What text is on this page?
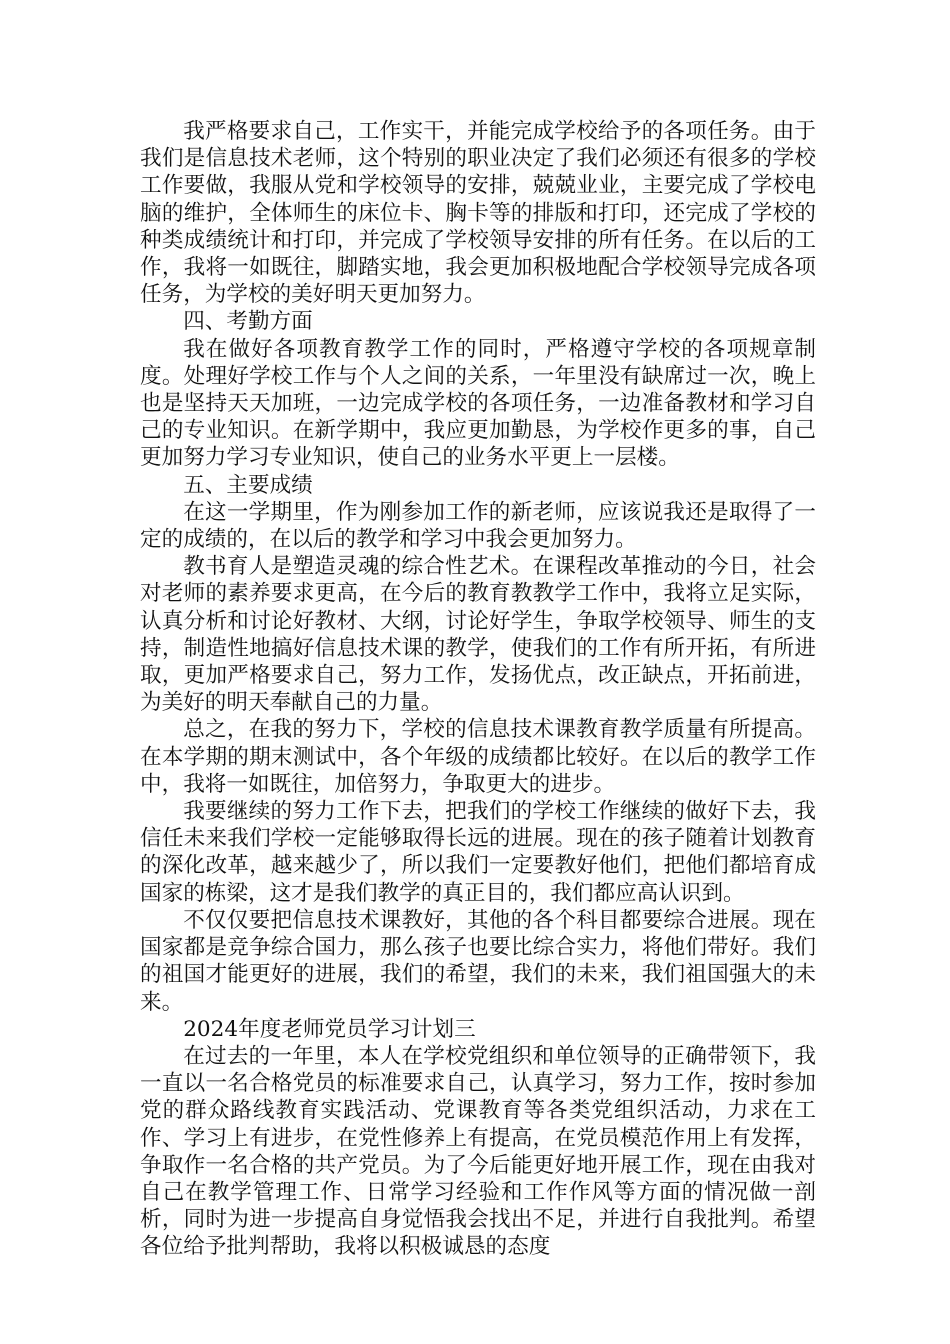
我严格要求自己，工作实干，并能完成学校给予的各项任务。由于我们是信息技术老师，这个特别的职业决定了我们必须还有很多的学校工作要做，我服从党和学校领导的安排，兢兢业业，主要完成了学校电脑的维护，全体师生的床位卡、胸卡等的排版和打印，还完成了学校的种类成绩统计和打印，并完成了学校领导安排的所有任务。在以后的工作，我将一如既往，脚踏实地，我会更加积极地配合学校领导完成各项任务，为学校的美好明天更加努力。

四、考勤方面

我在做好各项教育教学工作的同时，严格遵守学校的各项规章制度。处理好学校工作与个人之间的关系，一年里没有缺席过一次，晚上也是坚持天天加班，一边完成学校的各项任务，一边准备教材和学习自己的专业知识。在新学期中，我应更加勤恳，为学校作更多的事，自己更加努力学习专业知识，使自己的业务水平更上一层楼。

五、主要成绩

在这一学期里，作为刚参加工作的新老师，应该说我还是取得了一定的成绩的，在以后的教学和学习中我会更加努力。

教书育人是塑造灵魂的综合性艺术。在课程改革推动的今日，社会对老师的素养要求更高，在今后的教育教教学工作中，我将立足实际，认真分析和讨论好教材、大纲，讨论好学生，争取学校领导、师生的支持，制造性地搞好信息技术课的教学，使我们的工作有所开拓，有所进取，更加严格要求自己，努力工作，发扬优点，改正缺点，开拓前进，为美好的明天奉献自己的力量。

总之，在我的努力下，学校的信息技术课教育教学质量有所提高。在本学期的期末测试中，各个年级的成绩都比较好。在以后的教学工作中，我将一如既往，加倍努力，争取更大的进步。

我要继续的努力工作下去，把我们的学校工作继续的做好下去，我信任未来我们学校一定能够取得长远的进展。现在的孩子随着计划教育的深化改革，越来越少了，所以我们一定要教好他们，把他们都培育成国家的栋梁，这才是我们教学的真正目的，我们都应高认识到。

不仅仅要把信息技术课教好，其他的各个科目都要综合进展。现在国家都是竞争综合国力，那么孩子也要比综合实力，将他们带好。我们的祖国才能更好的进展，我们的希望，我们的未来，我们祖国强大的未来。

2024年度老师党员学习计划三

在过去的一年里，本人在学校党组织和单位领导的正确带领下，我一直以一名合格党员的标准要求自己，认真学习，努力工作，按时参加党的群众路线教育实践活动、党课教育等各类党组织活动，力求在工作、学习上有进步，在党性修养上有提高，在党员模范作用上有发挥，争取作一名合格的共产党员。为了今后能更好地开展工作，现在由我对自己在教学管理工作、日常学习经验和工作作风等方面的情况做一剖析，同时为进一步提高自身觉悟我会找出不足，并进行自我批判。希望各位给予批判帮助，我将以积极诚恳的态度
